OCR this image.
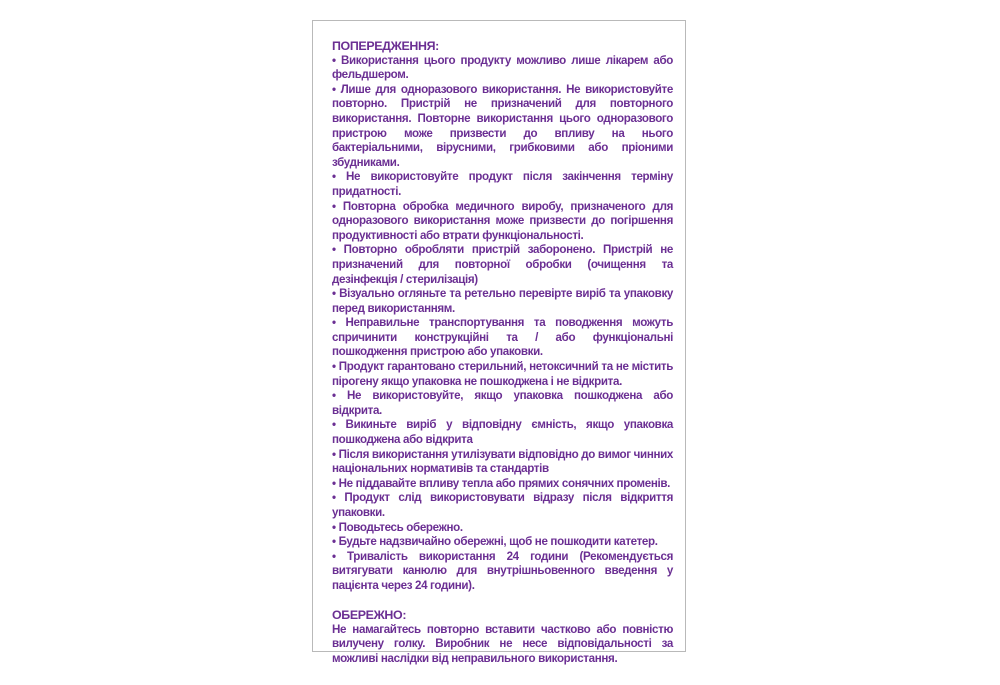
ПОПЕРЕДЖЕННЯ:

• Використання цього продукту можливо лише лікарем або фельдшером.

• Лише для одноразового використання. Не використовуйте повторно. Пристрій не призначений для повторного використання. Повторне використання цього одноразового пристрою може призвести до впливу на нього бактеріальними, вірусними, грибковими або пріоними збудниками.

• Не використовуйте продукт після закінчення терміну придатності.

• Повторна обробка медичного виробу, призначеного для одноразового використання може призвести до погіршення продуктивності або втрати функціональності.

• Повторно обробляти пристрій заборонено. Пристрій не призначений для повторної обробки (очищення та дезінфекція / стерилізація)

• Візуально огляньте та ретельно перевірте виріб та упаковку перед використанням.

• Неправильне транспортування та поводження можуть спричинити конструкційні та / або функціональні пошкодження пристрою або упаковки.

• Продукт гарантовано стерильний, нетоксичний та не містить пірогену якщо упаковка не пошкоджена і не відкрита.

• Не використовуйте, якщо упаковка пошкоджена або відкрита.

• Викиньте виріб у відповідну ємність, якщо упаковка пошкоджена або відкрита

• Після використання утилізувати відповідно до вимог чинних національних нормативів та стандартів

• Не піддавайте впливу тепла або прямих сонячних променів.

• Продукт слід використовувати відразу після відкриття упаковки.

• Поводьтесь обережно.

• Будьте надзвичайно обережні, щоб не пошкодити катетер.

• Тривалість використання 24 години (Рекомендується витягувати канюлю для внутрішньовенного введення у пацієнта через 24 години).

ОБЕРЕЖНО:

Не намагайтесь повторно вставити частково або повністю вилучену голку. Виробник не несе відповідальності за можливі наслідки від неправильного використання.
